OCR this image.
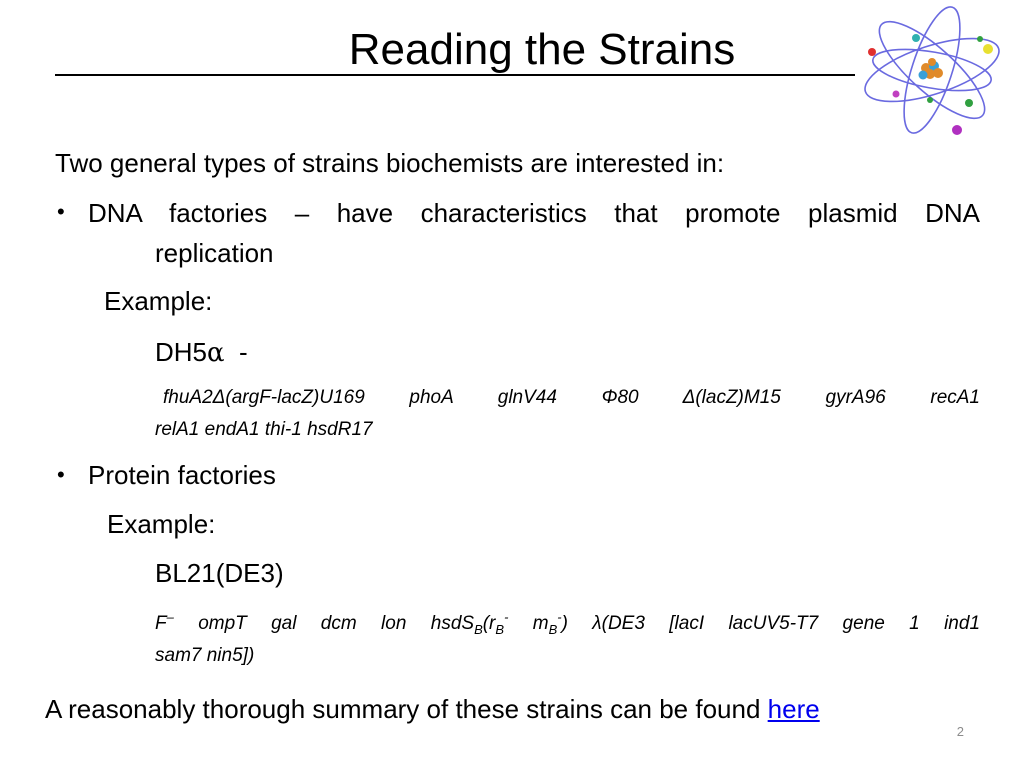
Reading the Strains
Two general types of strains biochemists are interested in:
• DNA factories – have characteristics that promote plasmid DNA
replication
Example:
DH5α -
fhuA2Δ(argF-lacZ)U169 phoA glnV44 Φ80 Δ(lacZ)M15 gyrA96 recA1
relA1 endA1 thi-1 hsdR17
• Protein factories
Example:
BL21(DE3)
F– ompT gal dcm lon $hsdS_B(r_B^-$ $m_B^-$) λ(DE3 [lacI lacUV5-T7 gene 1 ind1
sam7 nin5])
A reasonably thorough summary of these strains can be found here
2
